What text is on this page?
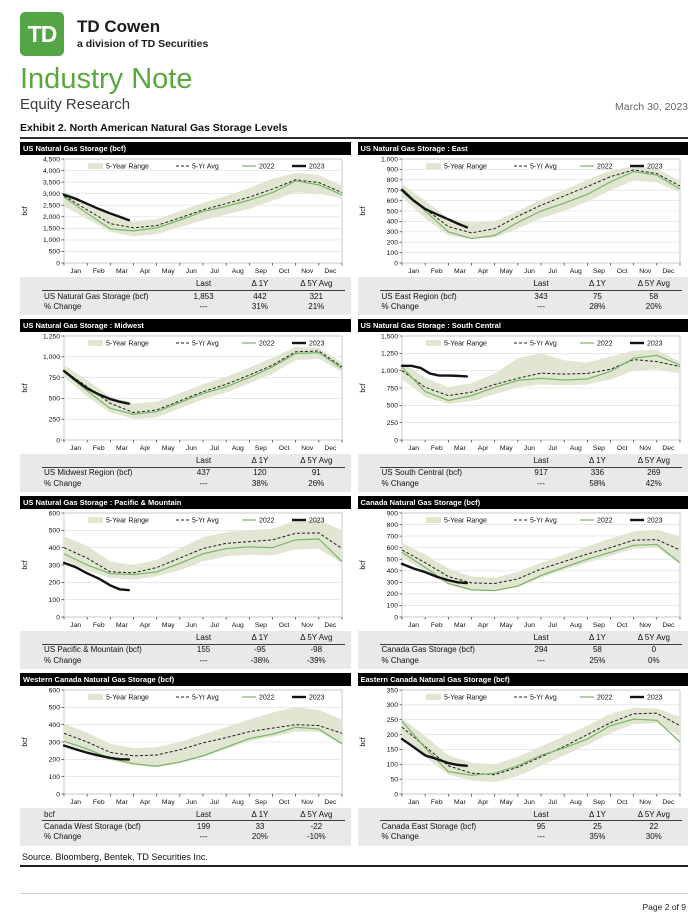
TD TD Cowen
a division of TD Securities
Industry Note
Equity Research	March 30, 2023
Exhibit 2. North American Natural Gas Storage Levels
US Natural Gas Storage (bcf)
0
500
1,000
1,500
2,000
2,500
3,000
3,500
4,000
4,500
Jan Feb Mar Apr May Jun Jul Aug Sep Oct Nov Dec
bcf
5-Year Range	5-Yr Avg	2022	2023
	Last	Δ 1Y	Δ 5Y Avg
US Natural Gas Storage (bcf)	1,853	442	321
% Change	---	31%	21%
US Natural Gas Storage : East
0
100
200
300
400
500
600
700
800
900
1,000
Jan Feb Mar Apr May Jun Jul Aug Sep Oct Nov Dec
bcf
5-Year Range	5-Yr Avg	2022	2023
	Last	Δ 1Y	Δ 5Y Avg
US East Region (bcf)	343	75	58
% Change	---	28%	20%
US Natural Gas Storage : Midwest
0
250
500
750
1,000
1,250
Jan Feb Mar Apr May Jun Jul Aug Sep Oct Nov Dec
bcf
5-Year Range	5-Yr Avg	2022	2023
	Last	Δ 1Y	Δ 5Y Avg
US Midwest Region (bcf)	437	120	91
% Change	---	38%	26%
US Natural Gas Storage : South Central
0
250
500
750
1,000
1,250
1,500
Jan Feb Mar Apr May Jun Jul Aug Sep Oct Nov Dec
bcf
5-Year Range	5-Yr Avg	2022	2023
	Last	Δ 1Y	Δ 5Y Avg
US South Central (bcf)	917	336	269
% Change	---	58%	42%
US Natural Gas Storage : Pacific & Mountain
0
100
200
300
400
500
600
Jan Feb Mar Apr May Jun Jul Aug Sep Oct Nov Dec
bcf
5-Year Range	5-Yr Avg	2022	2023
	Last	Δ 1Y	Δ 5Y Avg
US Pacific & Mountain (bcf)	155	-95	-98
% Change	---	-38%	-39%
Canada Natural Gas Storage (bcf)
0
100
200
300
400
500
600
700
800
900
Jan Feb Mar Apr May Jun Jul Aug Sep Oct Nov Dec
bcf
5-Year Range	5-Yr Avg	2022	2023
	Last	Δ 1Y	Δ 5Y Avg
Canada Gas Storage (bcf)	294	58	0
% Change	---	25%	0%
Western Canada Natural Gas Storage (bcf)
0
100
200
300
400
500
600
Jan Feb Mar Apr May Jun Jul Aug Sep Oct Nov Dec
bcf
5-Year Range	5-Yr Avg	2022	2023
bcf	Last	Δ 1Y	Δ 5Y Avg
Canada West Storage (bcf)	199	33	-22
% Change	---	20%	-10%
Eastern Canada Natural Gas Storage (bcf)
0
50
100
150
200
250
300
350
Jan Feb Mar Apr May Jun Jul Aug Sep Oct Nov Dec
bcf
5-Year Range	5-Yr Avg	2022	2023
	Last	Δ 1Y	Δ 5Y Avg
Canada East Storage (bcf)	95	25	22
% Change	---	35%	30%
Source. Bloomberg, Bentek, TD Securities Inc.
Page 2 of 9
